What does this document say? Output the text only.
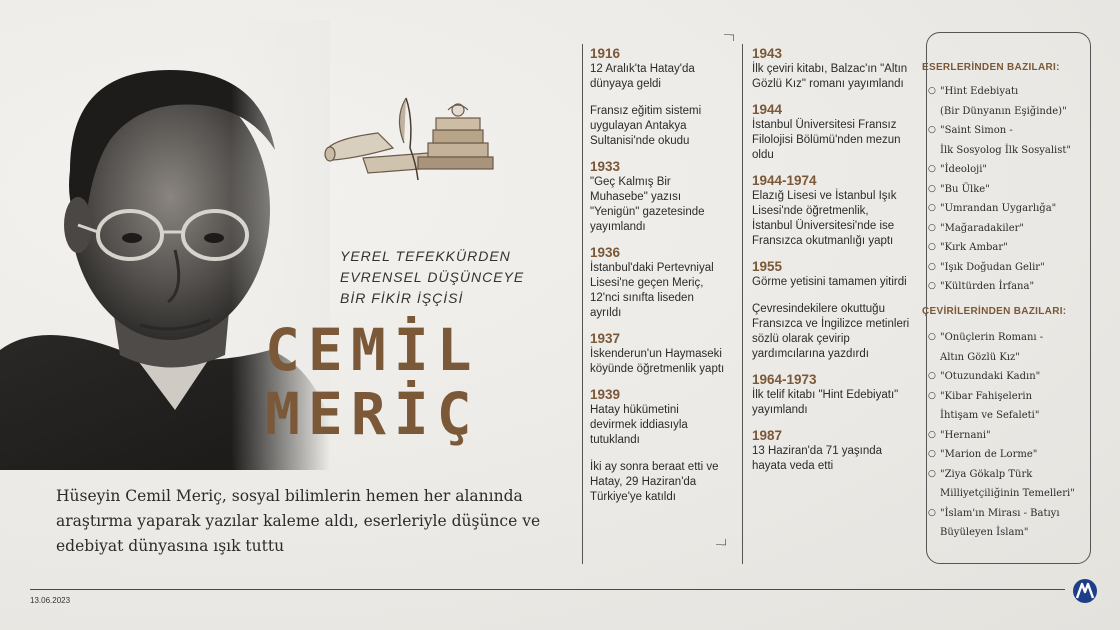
YEREL TEFEKKÜRDEN
EVRENSEL DÜŞÜNCEYE
BİR FİKİR İŞÇİSİ
CEMİL
MERİÇ
Hüseyin Cemil Meriç, sosyal bilimlerin hemen her alanında araştırma yaparak yazılar kaleme aldı, eserleriyle düşünce ve edebiyat dünyasına ışık tuttu
┄┐
┄┘
1916

12 Aralık'ta Hatay'da dünyaya geldi

Fransız eğitim sistemi uygulayan Antakya Sultanisi'nde okudu

1933

"Geç Kalmış Bir Muhasebe" yazısı "Yenigün" gazetesinde yayımlandı

1936

İstanbul'daki Pertevniyal Lisesi'ne geçen Meriç, 12'nci sınıfta liseden ayrıldı

1937

İskenderun'un Haymaseki köyünde öğretmenlik yaptı

1939

Hatay hükümetini devirmek iddiasıyla tutuklandı

İki ay sonra beraat etti ve Hatay, 29 Haziran'da Türkiye'ye katıldı

1943

İlk çeviri kitabı, Balzac'ın "Altın Gözlü Kız" romanı yayımlandı

1944

İstanbul Üniversitesi Fransız Filolojisi Bölümü'nden mezun oldu

1944-1974

Elazığ Lisesi ve İstanbul Işık Lisesi'nde öğretmenlik, İstanbul Üniversitesi'nde ise Fransızca okutmanlığı yaptı

1955

Görme yetisini tamamen yitirdi

Çevresindekilere okuttuğu Fransızca ve İngilizce metinleri sözlü olarak çevirip yardımcılarına yazdırdı

1964-1973

İlk telif kitabı "Hint Edebiyatı" yayımlandı

1987

13 Haziran'da 71 yaşında hayata veda etti

ESERLERİNDEN BAZILARI:
○ "Hint Edebiyatı
(Bir Dünyanın Eşiğinde)"
○ "Saint Simon -
İlk Sosyolog İlk Sosyalist"
○ "İdeoloji"
○ "Bu Ülke"
○ "Umrandan Uygarlığa"
○ "Mağaradakiler"
○ "Kırk Ambar"
○ "Işık Doğudan Gelir"
○ "Kültürden İrfana"
ÇEVİRİLERİNDEN BAZILARI:
○ "Onüçlerin Romanı -
Altın Gözlü Kız"
○ "Otuzundaki Kadın"
○ "Kibar Fahişelerin
İhtişam ve Sefaleti"
○ "Hernani"
○ "Marion de Lorme"
○ "Ziya Gökalp Türk
Milliyetçiliğinin Temelleri"
○ "İslam'ın Mirası - Batıyı
Büyüleyen İslam"
13.06.2023
